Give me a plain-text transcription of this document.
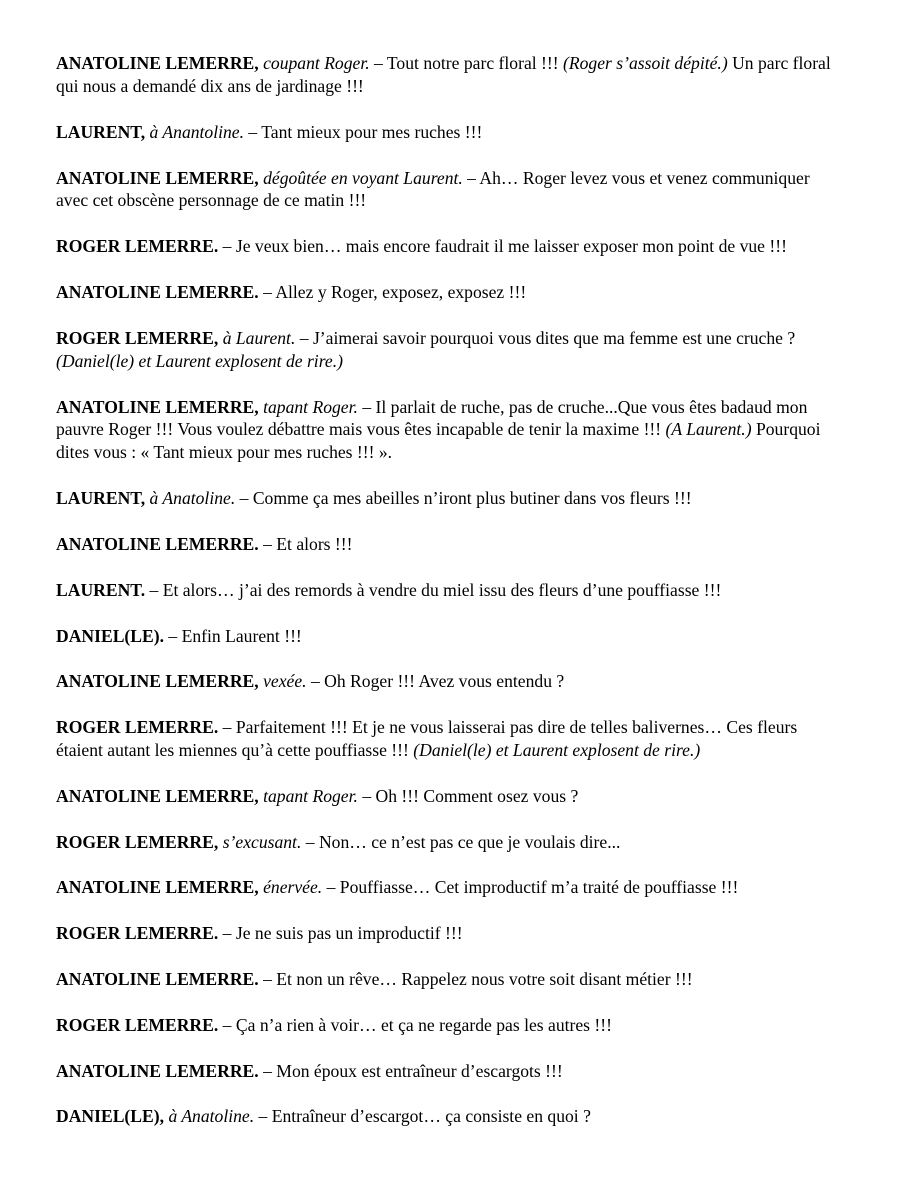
ANATOLINE LEMERRE, coupant Roger. – Tout notre parc floral !!! (Roger s’assoit dépité.) Un parc floral qui nous a demandé dix ans de jardinage !!!

LAURENT, à Anantoline. – Tant mieux pour mes ruches !!!

ANATOLINE LEMERRE, dégoûtée en voyant Laurent. – Ah… Roger levez vous et venez communiquer avec cet obscène personnage de ce matin !!!

ROGER LEMERRE. – Je veux bien… mais encore faudrait il me laisser exposer mon point de vue !!!

ANATOLINE LEMERRE. – Allez y Roger, exposez, exposez !!!

ROGER LEMERRE, à Laurent. – J’aimerai savoir pourquoi vous dites que ma femme est une cruche ? (Daniel(le) et Laurent explosent de rire.)

ANATOLINE LEMERRE, tapant Roger. – Il parlait de ruche, pas de cruche...Que vous êtes badaud mon pauvre Roger !!! Vous voulez débattre mais vous êtes incapable de tenir la maxime !!! (A Laurent.) Pourquoi dites vous : « Tant mieux pour mes ruches !!! ».

LAURENT, à Anatoline. – Comme ça mes abeilles n’iront plus butiner dans vos fleurs !!!

ANATOLINE LEMERRE. – Et alors !!!

LAURENT. – Et alors… j’ai des remords à vendre du miel issu des fleurs d’une pouffiasse !!!

DANIEL(LE). – Enfin Laurent !!!

ANATOLINE LEMERRE, vexée. – Oh Roger !!! Avez vous entendu ?

ROGER LEMERRE. – Parfaitement !!! Et je ne vous laisserai pas dire de telles balivernes… Ces fleurs étaient autant les miennes qu’à cette pouffiasse !!! (Daniel(le) et Laurent explosent de rire.)

ANATOLINE LEMERRE, tapant Roger. – Oh !!! Comment osez vous ?

ROGER LEMERRE, s’excusant. – Non… ce n’est pas ce que je voulais dire...

ANATOLINE LEMERRE, énervée. – Pouffiasse… Cet improductif m’a traité de pouffiasse !!!

ROGER LEMERRE. – Je ne suis pas un improductif !!!

ANATOLINE LEMERRE. – Et non un rêve… Rappelez nous votre soit disant métier !!!

ROGER LEMERRE. – Ça n’a rien à voir… et ça ne regarde pas les autres !!!

ANATOLINE LEMERRE. – Mon époux est entraîneur d’escargots !!!

DANIEL(LE), à Anatoline. – Entraîneur d’escargot… ça consiste en quoi ?
